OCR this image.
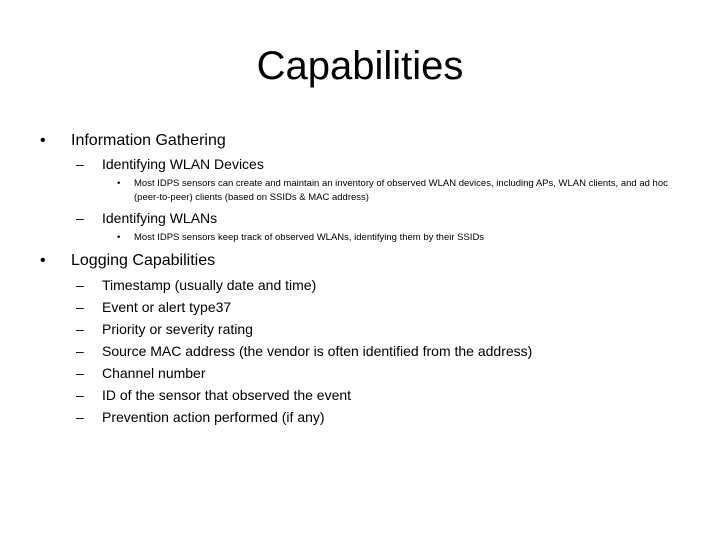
Capabilities
• Information Gathering
– Identifying WLAN Devices
• Most IDPS sensors can create and maintain an inventory of observed WLAN devices, including APs, WLAN clients, and ad hoc (peer-to-peer) clients (based on SSIDs & MAC address)
– Identifying WLANs
• Most IDPS sensors keep track of observed WLANs, identifying them by their SSIDs
• Logging Capabilities
– Timestamp (usually date and time)
– Event or alert type37
– Priority or severity rating
– Source MAC address (the vendor is often identified from the address)
– Channel number
– ID of the sensor that observed the event
– Prevention action performed (if any)
